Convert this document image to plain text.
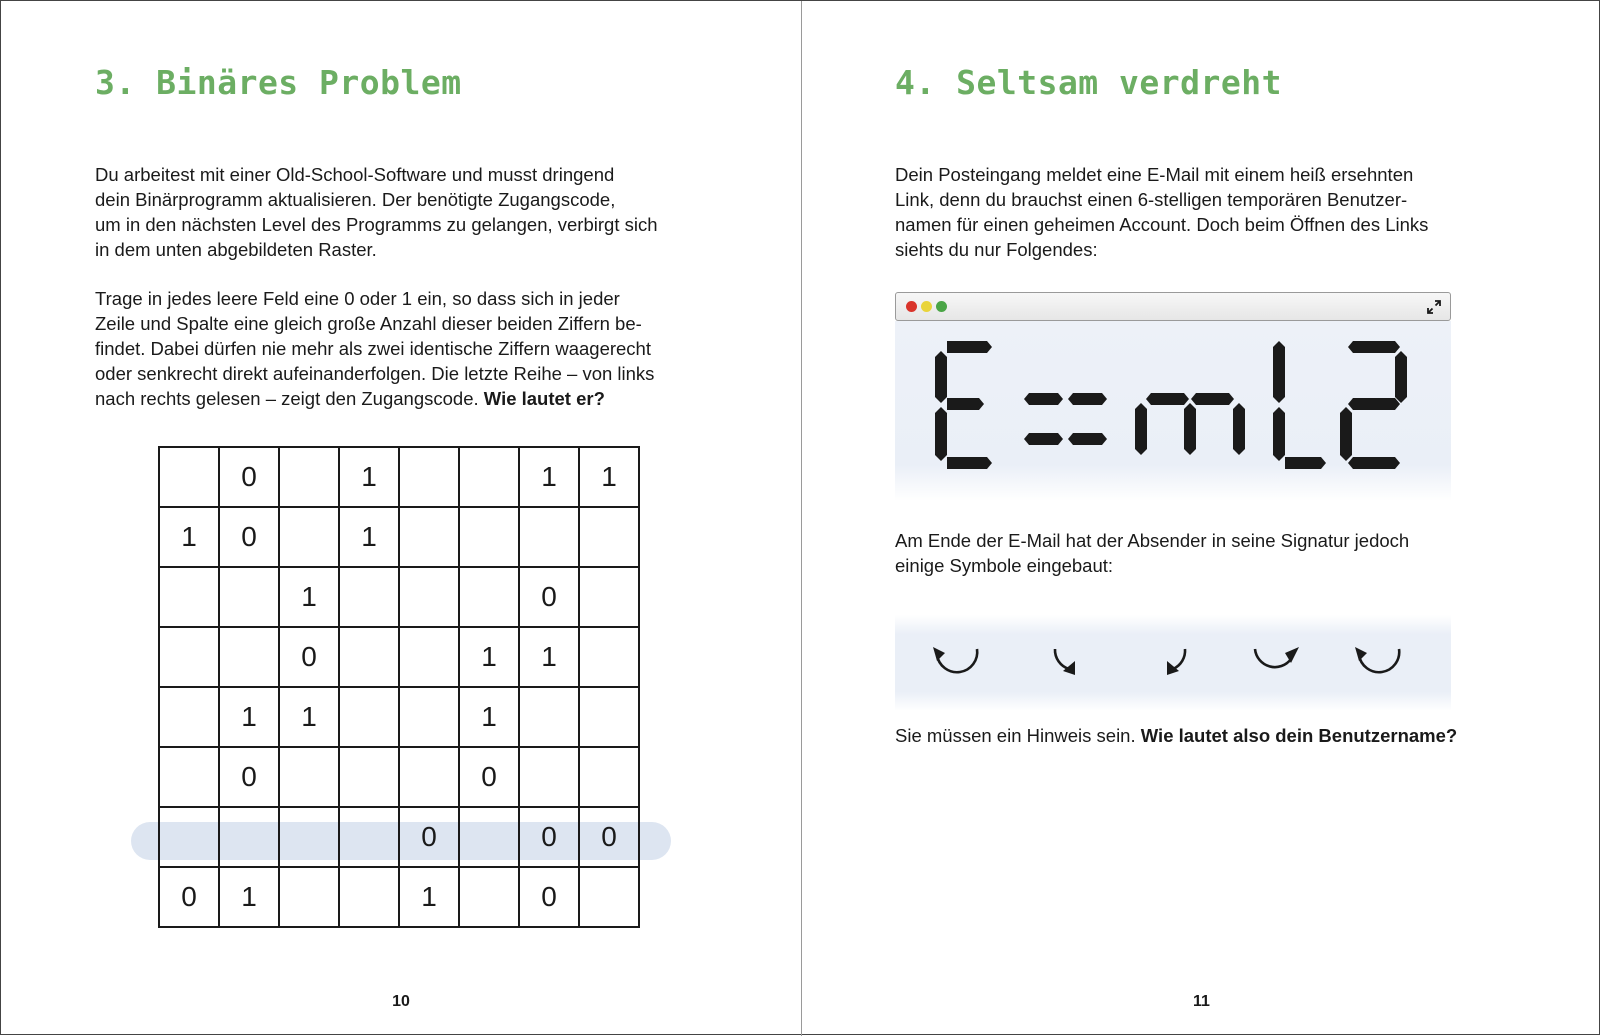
3. Binäres Problem

Du arbeitest mit einer Old-School-Software und musst dringend
dein Binärprogramm aktualisieren. Der benötigte Zugangscode,
um in den nächsten Level des Programms zu gelangen, verbirgt sich
in dem unten abgebildeten Raster.

Trage in jedes leere Feld eine 0 oder 1 ein, so dass sich in jeder
Zeile und Spalte eine gleich große Anzahl dieser beiden Ziffern be-
findet. Dabei dürfen nie mehr als zwei identische Ziffern waagerecht
oder senkrecht direkt aufeinanderfolgen. Die letzte Reihe – von links
nach rechts gelesen – zeigt den Zugangscode. Wie lautet er?

	0		1			1	1
1	0		1				
		1				0	
		0			1	1	
	1	1			1		
	0				0		
				0		0	0
0	1			1		0	
10
4. Seltsam verdreht

Dein Posteingang meldet eine E-Mail mit einem heiß ersehnten
Link, denn du brauchst einen 6-stelligen temporären Benutzer-
namen für einen geheimen Account. Doch beim Öffnen des Links
siehts du nur Folgendes:

E==mL2

Am Ende der E-Mail hat der Absender in seine Signatur jedoch
einige Symbole eingebaut:

Sie müssen ein Hinweis sein. Wie lautet also dein Benutzername?

11
